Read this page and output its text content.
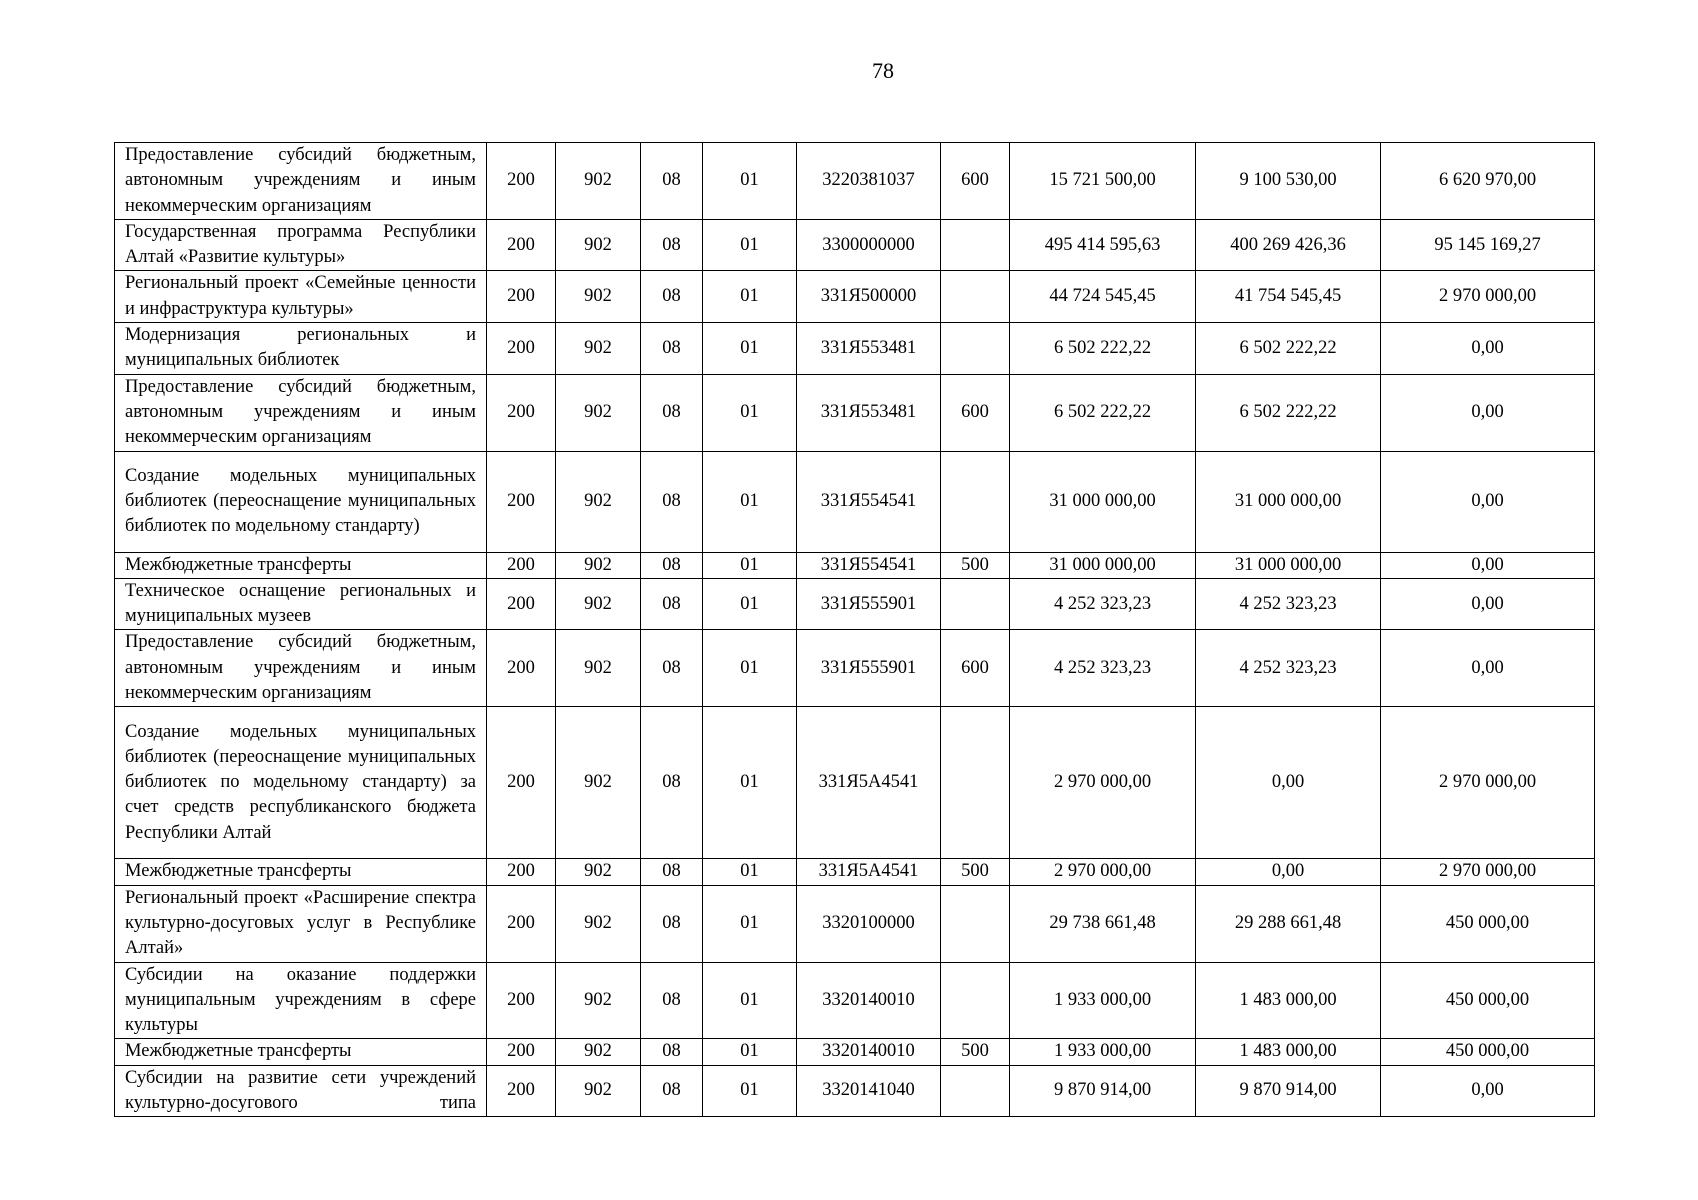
78
Предоставление субсидий бюджетным, автономным учреждениям и иным некоммерческим организациям	200	902	08	01	3220381037	600	15 721 500,00	9 100 530,00	6 620 970,00
Государственная программа Республики Алтай «Развитие культуры»	200	902	08	01	3300000000		495 414 595,63	400 269 426,36	95 145 169,27
Региональный проект «Семейные ценности и инфраструктура культуры»	200	902	08	01	331Я500000		44 724 545,45	41 754 545,45	2 970 000,00
Модернизация региональных и муниципальных библиотек	200	902	08	01	331Я553481		6 502 222,22	6 502 222,22	0,00
Предоставление субсидий бюджетным, автономным учреждениям и иным некоммерческим организациям	200	902	08	01	331Я553481	600	6 502 222,22	6 502 222,22	0,00
Создание модельных муниципальных библиотек (переоснащение муниципальных библиотек по модельному стандарту)	200	902	08	01	331Я554541		31 000 000,00	31 000 000,00	0,00
Межбюджетные трансферты	200	902	08	01	331Я554541	500	31 000 000,00	31 000 000,00	0,00
Техническое оснащение региональных и муниципальных музеев	200	902	08	01	331Я555901		4 252 323,23	4 252 323,23	0,00
Предоставление субсидий бюджетным, автономным учреждениям и иным некоммерческим организациям	200	902	08	01	331Я555901	600	4 252 323,23	4 252 323,23	0,00
Создание модельных муниципальных библиотек (переоснащение муниципальных библиотек по модельному стандарту) за счет средств республиканского бюджета Республики Алтай	200	902	08	01	331Я5А4541		2 970 000,00	0,00	2 970 000,00
Межбюджетные трансферты	200	902	08	01	331Я5А4541	500	2 970 000,00	0,00	2 970 000,00
Региональный проект «Расширение спектра культурно-досуговых услуг в Республике Алтай»	200	902	08	01	3320100000		29 738 661,48	29 288 661,48	450 000,00
Субсидии на оказание поддержки муниципальным учреждениям в сфере культуры	200	902	08	01	3320140010		1 933 000,00	1 483 000,00	450 000,00
Межбюджетные трансферты	200	902	08	01	3320140010	500	1 933 000,00	1 483 000,00	450 000,00
Субсидии на развитие сети учреждений культурно-досугового типа	200	902	08	01	3320141040		9 870 914,00	9 870 914,00	0,00
